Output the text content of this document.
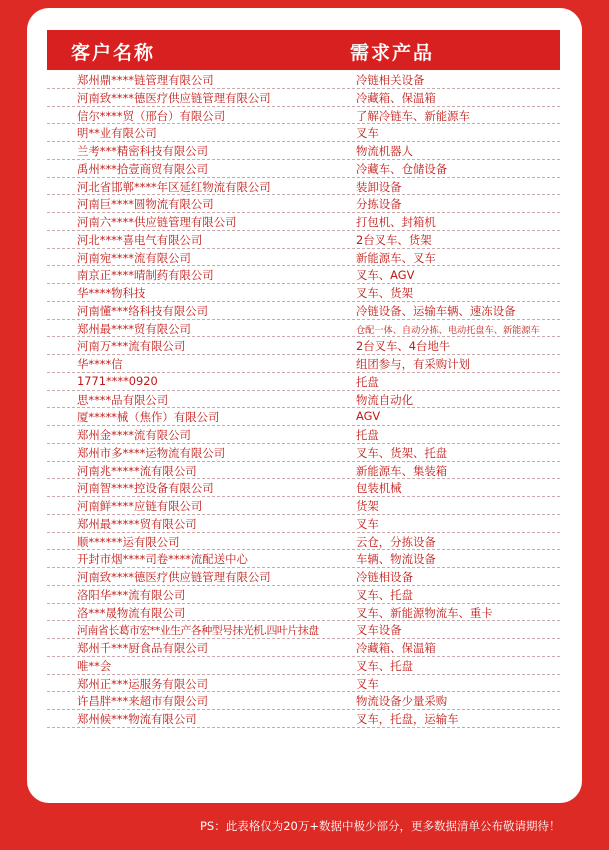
客户名称	需求产品
郑州鼎****链管理有限公司	冷链相关设备
河南致****德医疗供应链管理有限公司	冷藏箱、保温箱
信尔****贸（邢台）有限公司	了解冷链车、新能源车
明**业有限公司	叉车
兰考***精密科技有限公司	物流机器人
禹州***拾壹商贸有限公司	冷藏车、仓储设备
河北省邯郸****年区延红物流有限公司	装卸设备
河南巨****圆物流有限公司	分拣设备
河南六****供应链管理有限公司	打包机、封箱机
河北****喜电气有限公司	2台叉车、货架
河南宛****流有限公司	新能源车、叉车
南京正****晴制药有限公司	叉车、AGV
华****物科技	叉车、货架
河南懂***络科技有限公司	冷链设备、运输车辆、速冻设备
郑州最****贸有限公司	仓配一体、自动分拣、电动托盘车、新能源车
河南万***流有限公司	2台叉车、4台地牛
华****信	组团参与，有采购计划
1771****0920	托盘
思****品有限公司	物流自动化
厦*****械（焦作）有限公司	AGV
郑州金****流有限公司	托盘
郑州市多****运物流有限公司	叉车、货架、托盘
河南兆*****流有限公司	新能源车、集装箱
河南智****控设备有限公司	包装机械
河南鲜****应链有限公司	货架
郑州最*****贸有限公司	叉车
顺******运有限公司	云仓，分拣设备
开封市烟****司卷****流配送中心	车辆、物流设备
河南致****德医疗供应链管理有限公司	冷链相设备
洛阳华***流有限公司	叉车、托盘
洛***晟物流有限公司	叉车、新能源物流车、重卡
河南省长葛市宏**业生产各种型号抹光机.四叶片抹盘	叉车设备
郑州千***厨食品有限公司	冷藏箱、保温箱
唯**会	叉车、托盘
郑州正***运服务有限公司	叉车
许昌胖***来超市有限公司	物流设备少量采购
郑州候***物流有限公司	叉车，托盘，运输车
PS：此表格仅为20万+数据中极少部分，更多数据清单公布敬请期待！
